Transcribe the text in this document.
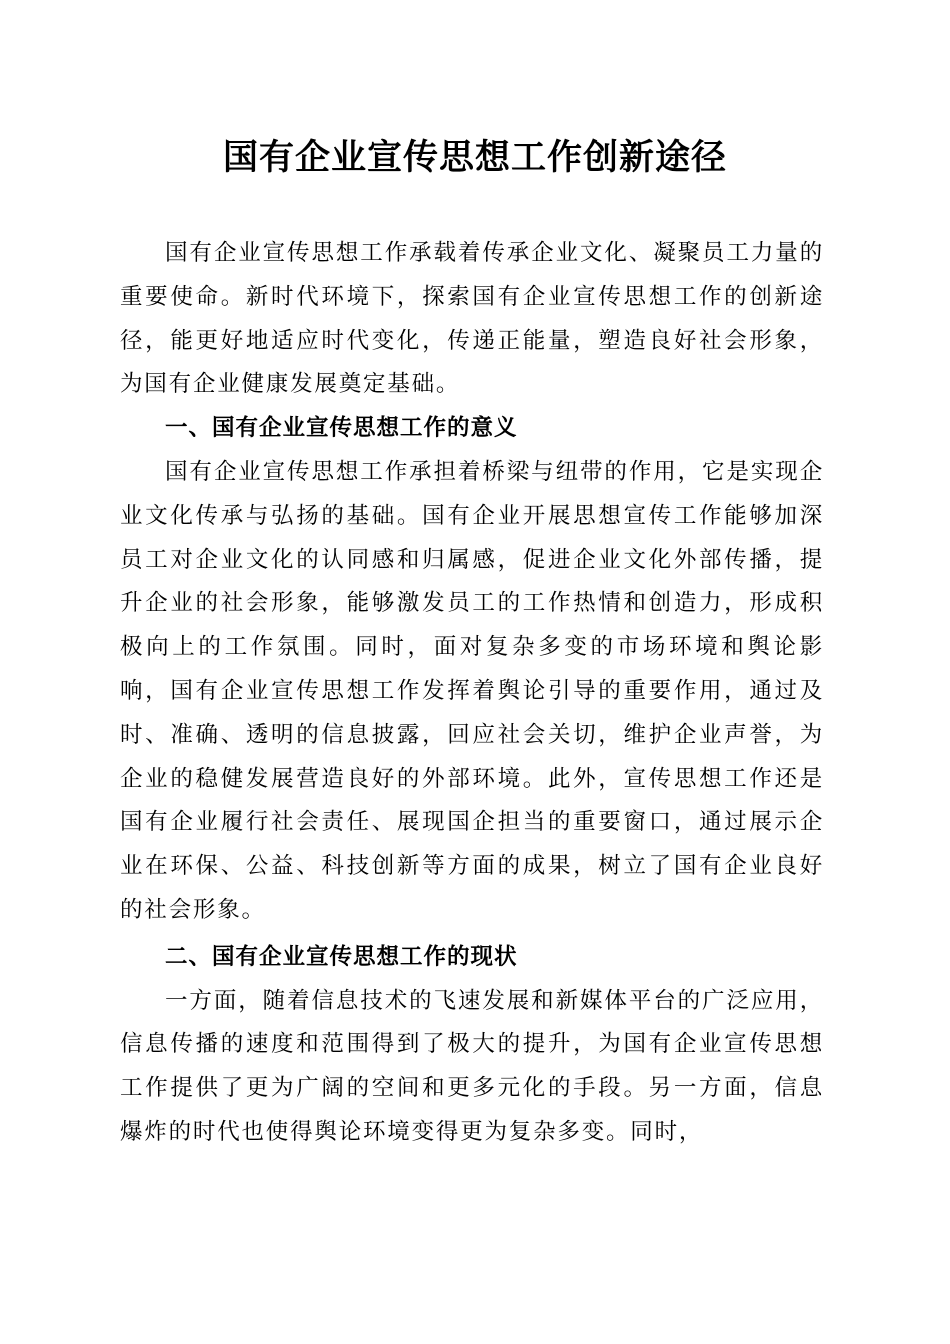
国有企业宣传思想工作创新途径

国有企业宣传思想工作承载着传承企业文化、凝聚员工力量的重要使命。新时代环境下，探索国有企业宣传思想工作的创新途径，能更好地适应时代变化，传递正能量，塑造良好社会形象，为国有企业健康发展奠定基础。

一、国有企业宣传思想工作的意义

国有企业宣传思想工作承担着桥梁与纽带的作用，它是实现企业文化传承与弘扬的基础。国有企业开展思想宣传工作能够加深员工对企业文化的认同感和归属感，促进企业文化外部传播，提升企业的社会形象，能够激发员工的工作热情和创造力，形成积极向上的工作氛围。同时，面对复杂多变的市场环境和舆论影响，国有企业宣传思想工作发挥着舆论引导的重要作用，通过及时、准确、透明的信息披露，回应社会关切，维护企业声誉，为企业的稳健发展营造良好的外部环境。此外，宣传思想工作还是国有企业履行社会责任、展现国企担当的重要窗口，通过展示企业在环保、公益、科技创新等方面的成果，树立了国有企业良好的社会形象。

二、国有企业宣传思想工作的现状

一方面，随着信息技术的飞速发展和新媒体平台的广泛应用，信息传播的速度和范围得到了极大的提升，为国有企业宣传思想工作提供了更为广阔的空间和更多元化的手段。另一方面，信息爆炸的时代也使得舆论环境变得更为复杂多变。同时，
